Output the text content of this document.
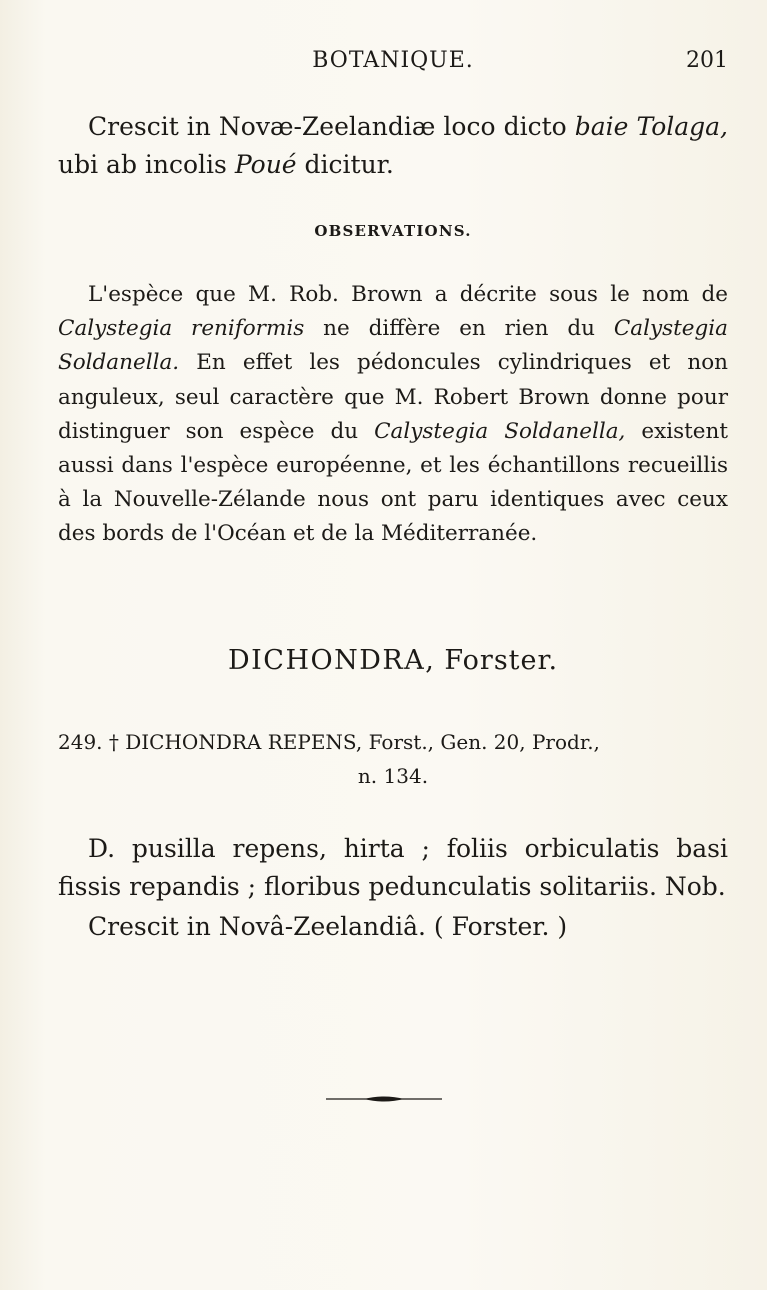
BOTANIQUE.	201
Crescit in Novæ-Zeelandiæ loco dicto baie Tolaga, ubi ab incolis Poué dicitur.
OBSERVATIONS.
L'espèce que M. Rob. Brown a décrite sous le nom de Calystegia reniformis ne diffère en rien du Calystegia Soldanella. En effet les pédoncules cylindriques et non anguleux, seul caractère que M. Robert Brown donne pour distinguer son espèce du Calystegia Soldanella, existent aussi dans l'espèce européenne, et les échantillons recueillis à la Nouvelle-Zélande nous ont paru identiques avec ceux des bords de l'Océan et de la Méditerranée.
DICHONDRA, Forster.
249. † DICHONDRA REPENS, Forst., Gen. 20, Prodr.,
n. 134.
D. pusilla repens, hirta ; foliis orbiculatis basi fissis repandis ; floribus pedunculatis solitariis. Nob.
Crescit in Novâ-Zeelandiâ. ( Forster. )
